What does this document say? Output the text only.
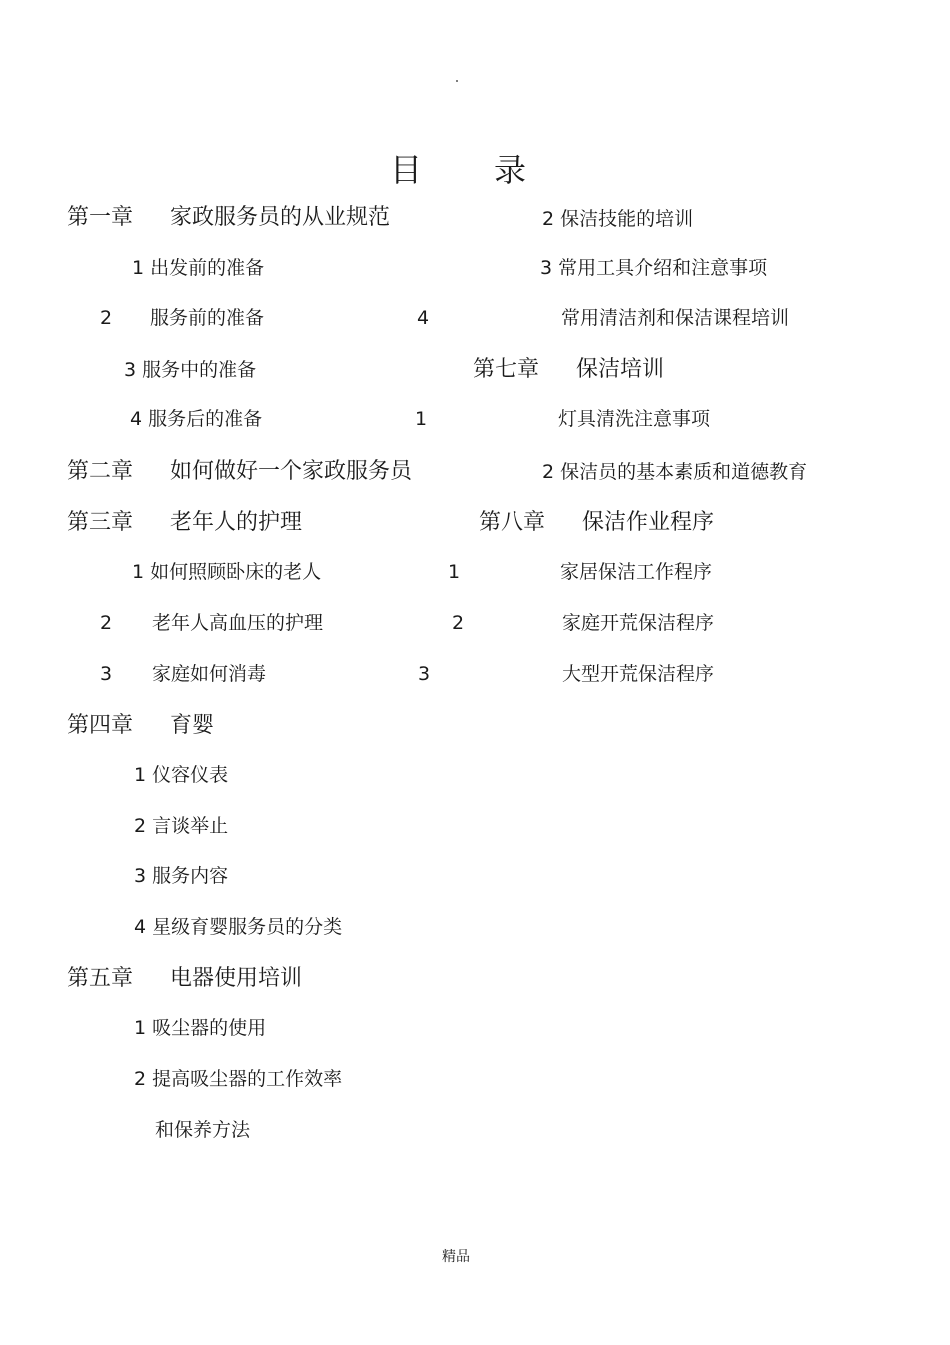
目 录
第一章 家政服务员的从业规范
1 出发前的准备
2 服务前的准备
3 服务中的准备
4 服务后的准备
第二章 如何做好一个家政服务员
第三章 老年人的护理
1 如何照顾卧床的老人
2 老年人高血压的护理
3 家庭如何消毒
第四章 育婴
1 仪容仪表
2 言谈举止
3 服务内容
4 星级育婴服务员的分类
第五章 电器使用培训
1 吸尘器的使用
2 提高吸尘器的工作效率
和保养方法
2 保洁技能的培训
3 常用工具介绍和注意事项
4	常用清洁剂和保洁课程培训
第七章 保洁培训
1	灯具清洗注意事项
2 保洁员的基本素质和道德教育
第八章 保洁作业程序
1	家居保洁工作程序
2	家庭开荒保洁程序
3	大型开荒保洁程序
精品
